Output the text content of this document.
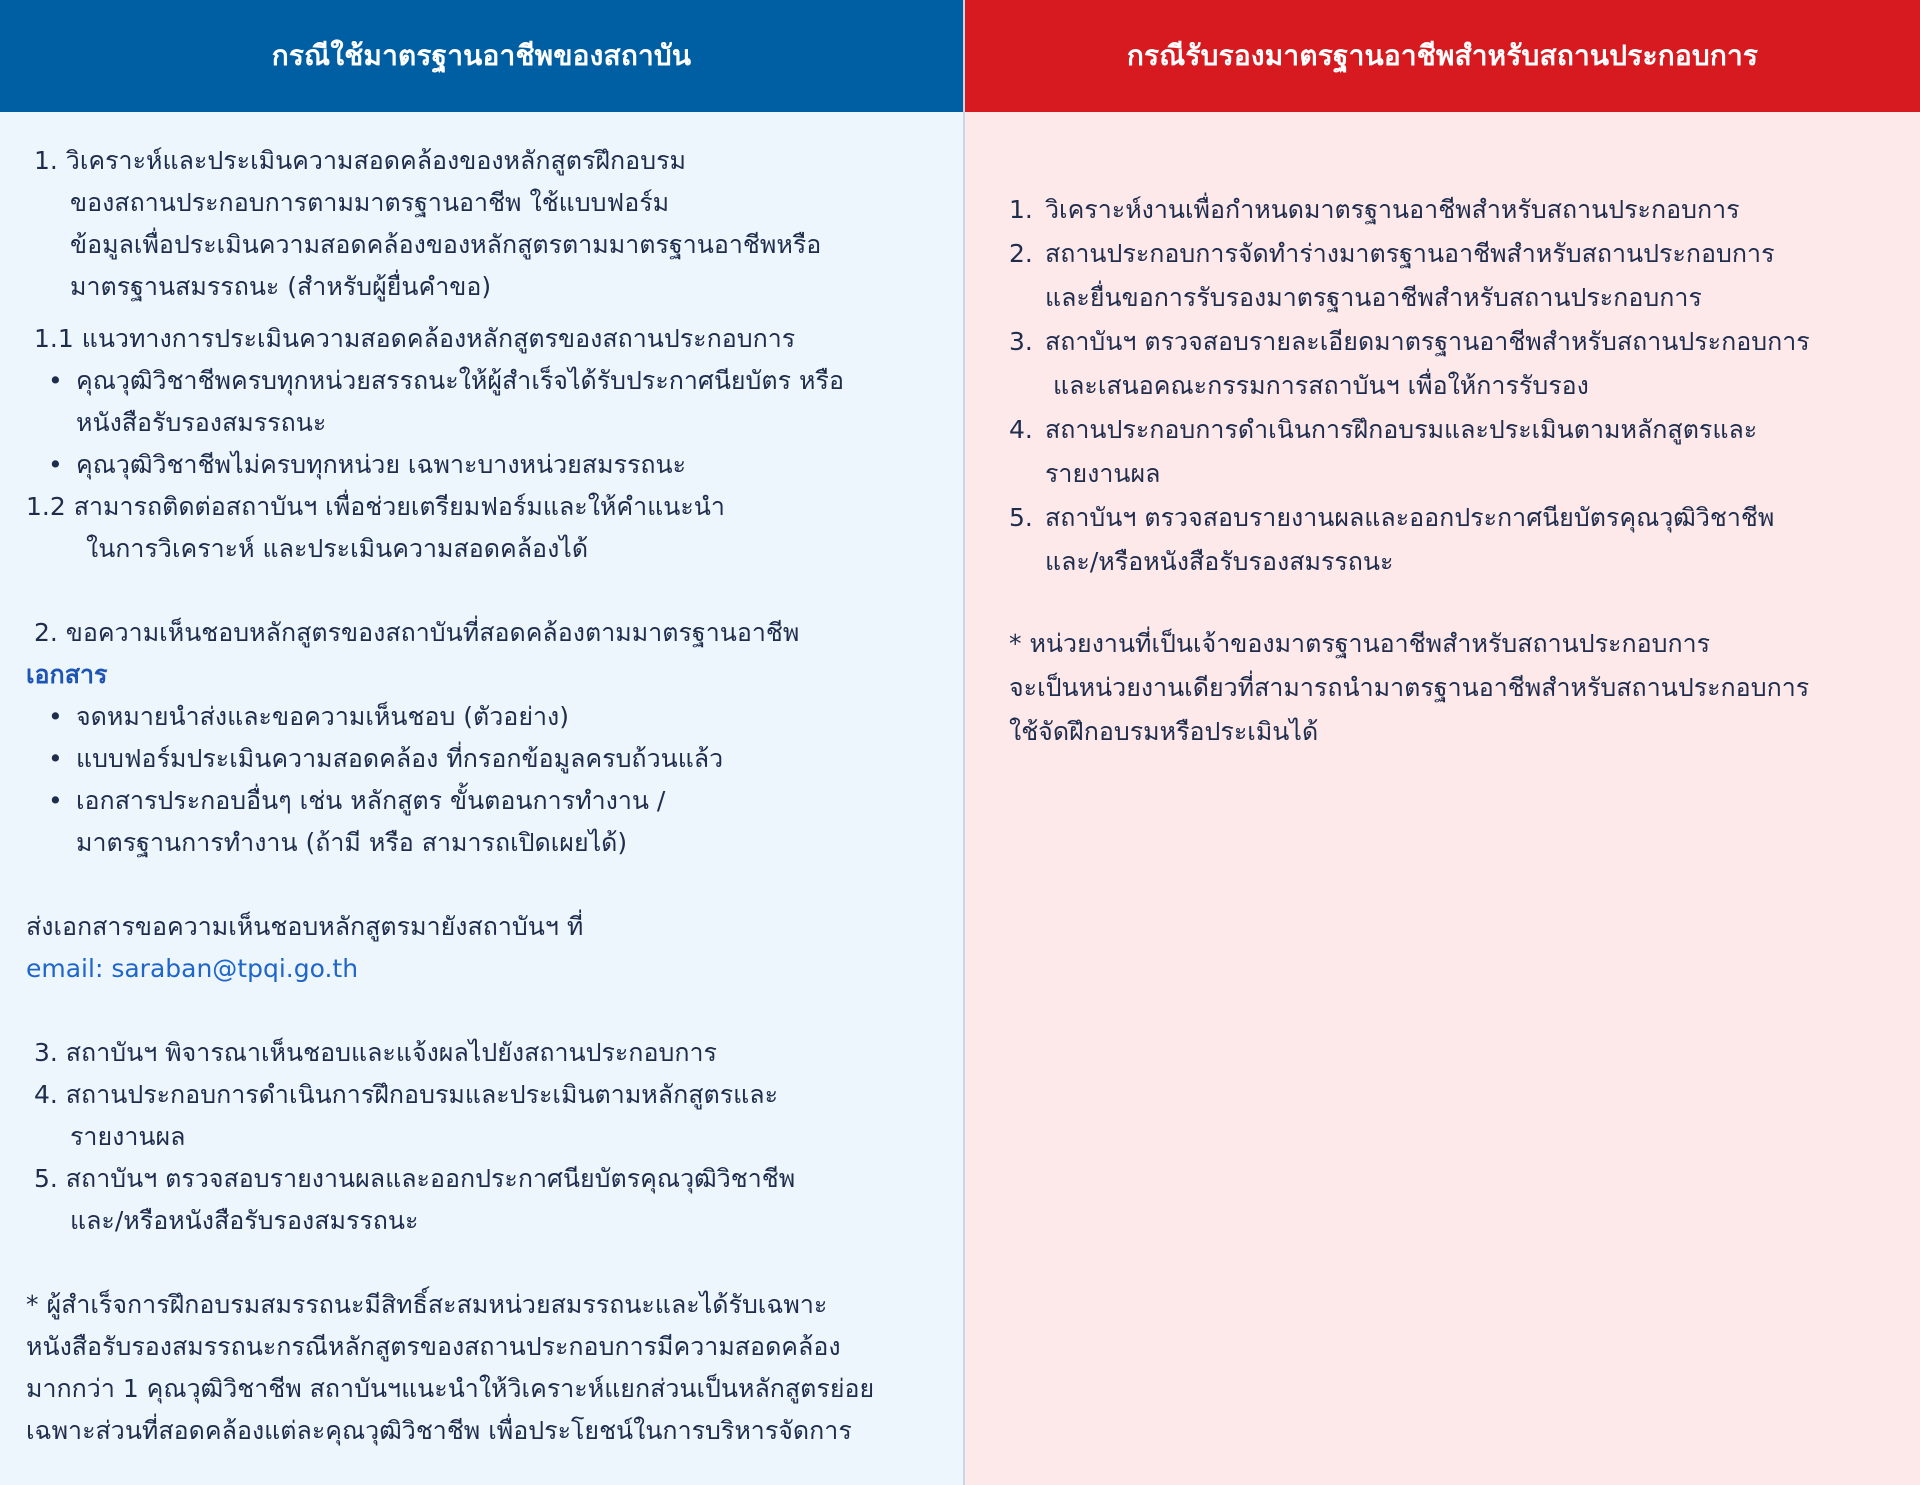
กรณีใช้มาตรฐานอาชีพของสถาบัน
1. วิเคราะห์และประเมินความสอดคล้องของหลักสูตรฝึกอบรม
ของสถานประกอบการตามมาตรฐานอาชีพ ใช้แบบฟอร์ม
ข้อมูลเพื่อประเมินความสอดคล้องของหลักสูตรตามมาตรฐานอาชีพหรือ
มาตรฐานสมรรถนะ (สำหรับผู้ยื่นคำขอ)
1.1 แนวทางการประเมินความสอดคล้องหลักสูตรของสถานประกอบการ
• คุณวุฒิวิชาชีพครบทุกหน่วยสรรถนะให้ผู้สำเร็จได้รับประกาศนียบัตร หรือ
หนังสือรับรองสมรรถนะ
• คุณวุฒิวิชาชีพไม่ครบทุกหน่วย เฉพาะบางหน่วยสมรรถนะ
1.2 สามารถติดต่อสถาบันฯ เพื่อช่วยเตรียมฟอร์มและให้คำแนะนำ
ในการวิเคราะห์ และประเมินความสอดคล้องได้
2. ขอความเห็นชอบหลักสูตรของสถาบันที่สอดคล้องตามมาตรฐานอาชีพ
เอกสาร
• จดหมายนำส่งและขอความเห็นชอบ (ตัวอย่าง)
• แบบฟอร์มประเมินความสอดคล้อง ที่กรอกข้อมูลครบถ้วนแล้ว
• เอกสารประกอบอื่นๆ เช่น หลักสูตร ขั้นตอนการทำงาน /
มาตรฐานการทำงาน (ถ้ามี หรือ สามารถเปิดเผยได้)
ส่งเอกสารขอความเห็นชอบหลักสูตรมายังสถาบันฯ ที่
email: saraban@tpqi.go.th
3. สถาบันฯ พิจารณาเห็นชอบและแจ้งผลไปยังสถานประกอบการ
4. สถานประกอบการดำเนินการฝึกอบรมและประเมินตามหลักสูตรและ
รายงานผล
5. สถาบันฯ ตรวจสอบรายงานผลและออกประกาศนียบัตรคุณวุฒิวิชาชีพ
และ/หรือหนังสือรับรองสมรรถนะ
* ผู้สำเร็จการฝึกอบรมสมรรถนะมีสิทธิ์สะสมหน่วยสมรรถนะและได้รับเฉพาะ
หนังสือรับรองสมรรถนะกรณีหลักสูตรของสถานประกอบการมีความสอดคล้อง
มากกว่า 1 คุณวุฒิวิชาชีพ สถาบันฯแนะนำให้วิเคราะห์แยกส่วนเป็นหลักสูตรย่อย
เฉพาะส่วนที่สอดคล้องแต่ละคุณวุฒิวิชาชีพ เพื่อประโยชน์ในการบริหารจัดการ
กรณีรับรองมาตรฐานอาชีพสำหรับสถานประกอบการ
1. วิเคราะห์งานเพื่อกำหนดมาตรฐานอาชีพสำหรับสถานประกอบการ
2. สถานประกอบการจัดทำร่างมาตรฐานอาชีพสำหรับสถานประกอบการ
และยื่นขอการรับรองมาตรฐานอาชีพสำหรับสถานประกอบการ
3. สถาบันฯ ตรวจสอบรายละเอียดมาตรฐานอาชีพสำหรับสถานประกอบการ
และเสนอคณะกรรมการสถาบันฯ เพื่อให้การรับรอง
4. สถานประกอบการดำเนินการฝึกอบรมและประเมินตามหลักสูตรและ
รายงานผล
5. สถาบันฯ ตรวจสอบรายงานผลและออกประกาศนียบัตรคุณวุฒิวิชาชีพ
และ/หรือหนังสือรับรองสมรรถนะ
* หน่วยงานที่เป็นเจ้าของมาตรฐานอาชีพสำหรับสถานประกอบการ
จะเป็นหน่วยงานเดียวที่สามารถนำมาตรฐานอาชีพสำหรับสถานประกอบการ
ใช้จัดฝึกอบรมหรือประเมินได้
